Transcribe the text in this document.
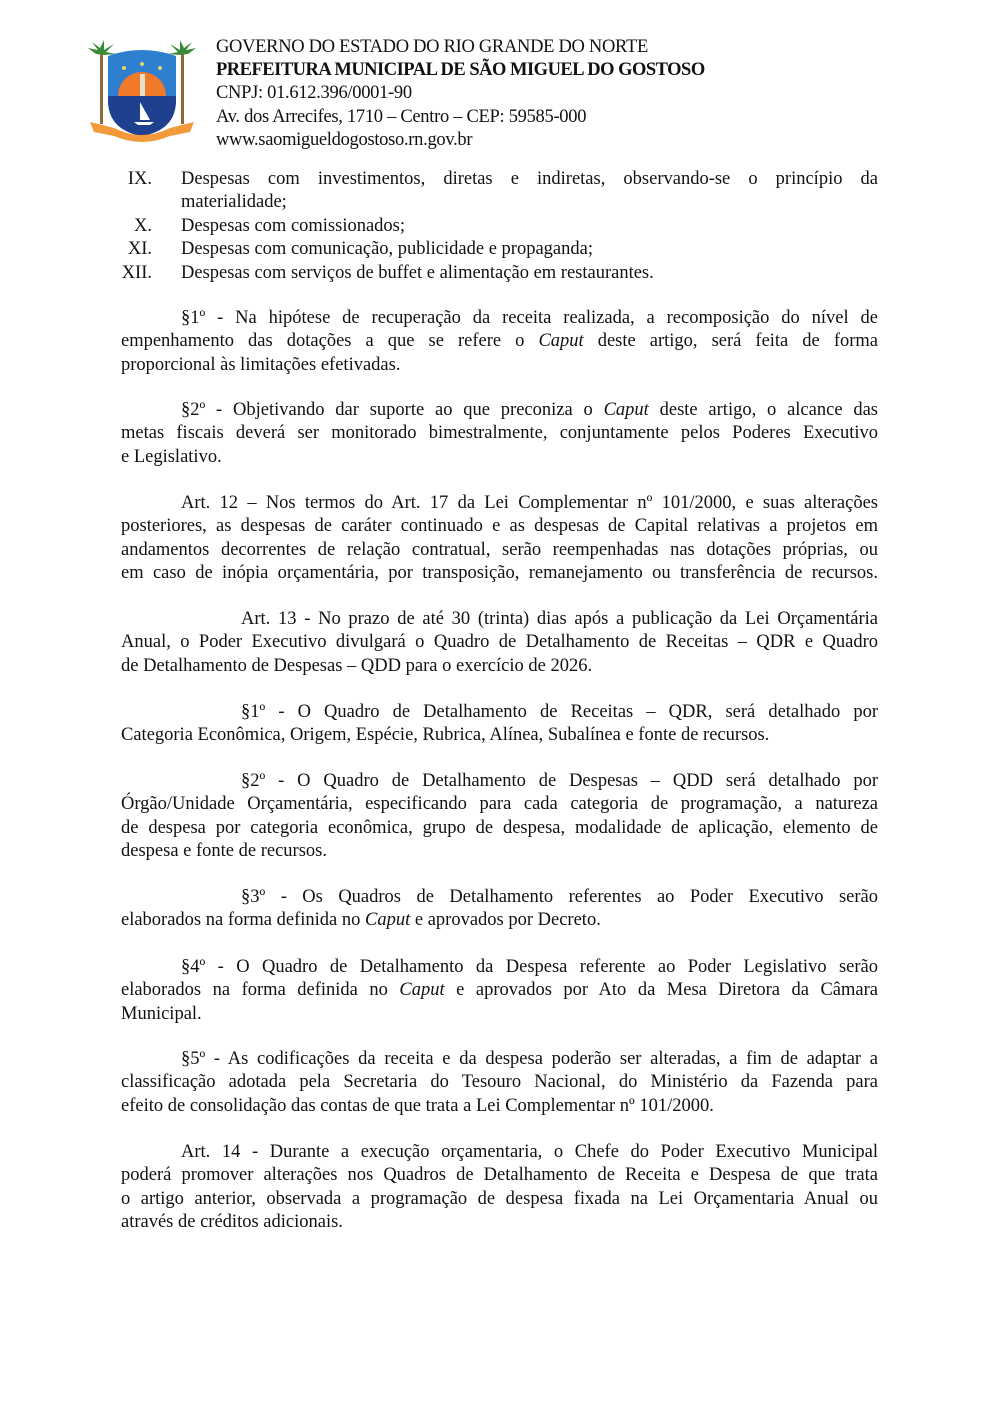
GOVERNO DO ESTADO DO RIO GRANDE DO NORTE
PREFEITURA MUNICIPAL DE SÃO MIGUEL DO GOSTOSO
CNPJ: 01.612.396/0001-90
Av. dos Arrecifes, 1710 – Centro – CEP: 59585-000
www.saomigueldogostoso.rn.gov.br
IX. Despesas com investimentos, diretas e indiretas, observando-se o princípio da
materialidade;
X. Despesas com comissionados;
XI. Despesas com comunicação, publicidade e propaganda;
XII. Despesas com serviços de buffet e alimentação em restaurantes.
§1º - Na hipótese de recuperação da receita realizada, a recomposição do nível de
empenhamento das dotações a que se refere o Caput deste artigo, será feita de forma
proporcional às limitações efetivadas.
§2º - Objetivando dar suporte ao que preconiza o Caput deste artigo, o alcance das
metas fiscais deverá ser monitorado bimestralmente, conjuntamente pelos Poderes Executivo
e Legislativo.
Art. 12 – Nos termos do Art. 17 da Lei Complementar nº 101/2000, e suas alterações
posteriores, as despesas de caráter continuado e as despesas de Capital relativas a projetos em
andamentos decorrentes de relação contratual, serão reempenhadas nas dotações próprias, ou
em caso de inópia orçamentária, por transposição, remanejamento ou transferência de recursos.
Art. 13 - No prazo de até 30 (trinta) dias após a publicação da Lei Orçamentária
Anual, o Poder Executivo divulgará o Quadro de Detalhamento de Receitas – QDR e Quadro
de Detalhamento de Despesas – QDD para o exercício de 2026.
§1º - O Quadro de Detalhamento de Receitas – QDR, será detalhado por
Categoria Econômica, Origem, Espécie, Rubrica, Alínea, Subalínea e fonte de recursos.
§2º - O Quadro de Detalhamento de Despesas – QDD será detalhado por
Órgão/Unidade Orçamentária, especificando para cada categoria de programação, a natureza
de despesa por categoria econômica, grupo de despesa, modalidade de aplicação, elemento de
despesa e fonte de recursos.
§3º - Os Quadros de Detalhamento referentes ao Poder Executivo serão
elaborados na forma definida no Caput e aprovados por Decreto.
§4º - O Quadro de Detalhamento da Despesa referente ao Poder Legislativo serão
elaborados na forma definida no Caput e aprovados por Ato da Mesa Diretora da Câmara
Municipal.
§5º - As codificações da receita e da despesa poderão ser alteradas, a fim de adaptar a
classificação adotada pela Secretaria do Tesouro Nacional, do Ministério da Fazenda para
efeito de consolidação das contas de que trata a Lei Complementar nº 101/2000.
Art. 14 - Durante a execução orçamentaria, o Chefe do Poder Executivo Municipal
poderá promover alterações nos Quadros de Detalhamento de Receita e Despesa de que trata
o artigo anterior, observada a programação de despesa fixada na Lei Orçamentaria Anual ou
através de créditos adicionais.
